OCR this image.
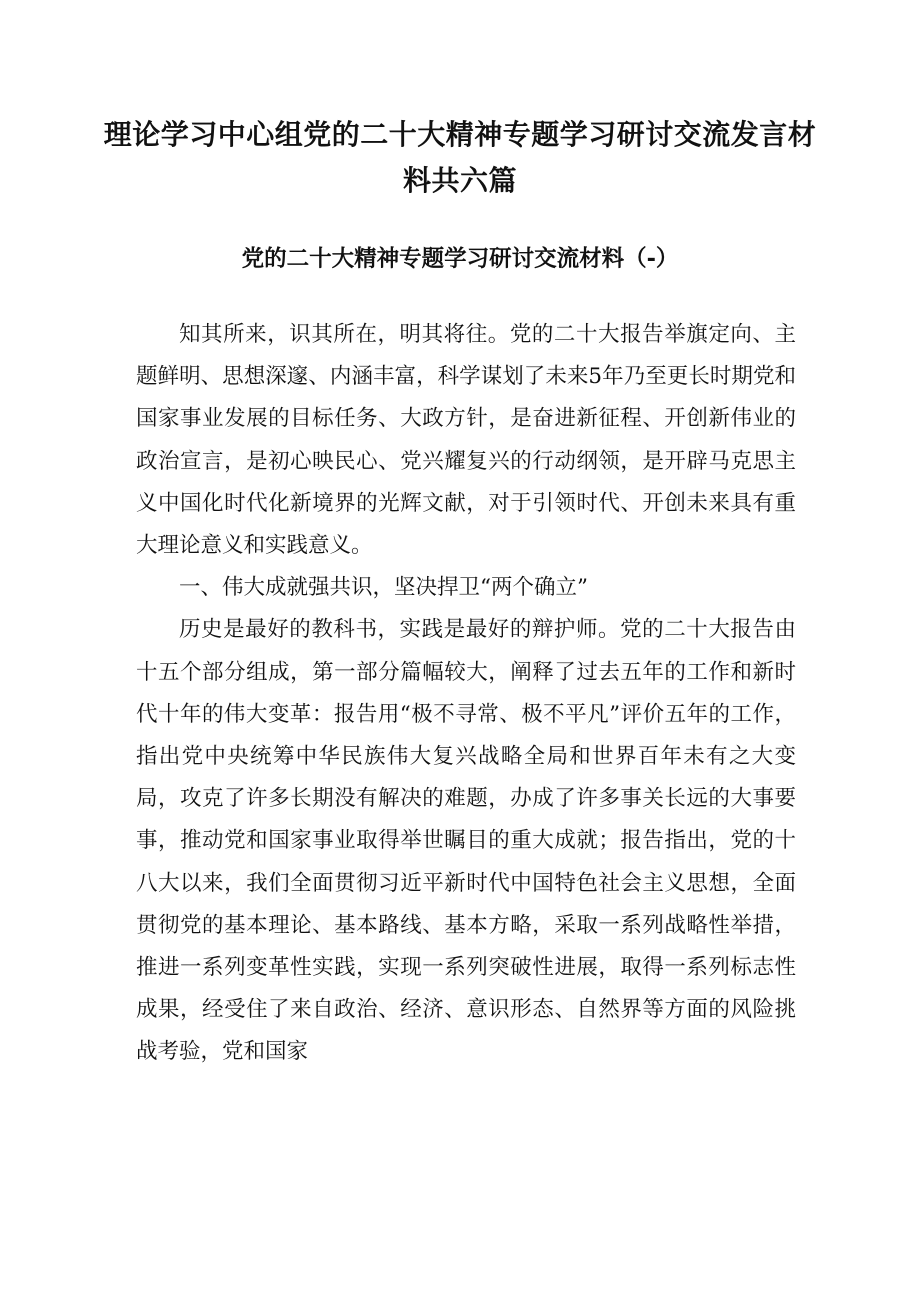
理论学习中心组党的二十大精神专题学习研讨交流发言材料共六篇
党的二十大精神专题学习研讨交流材料（-）

知其所来，识其所在，明其将往。党的二十大报告举旗定向、主题鲜明、思想深邃、内涵丰富，科学谋划了未来5年乃至更长时期党和国家事业发展的目标任务、大政方针，是奋进新征程、开创新伟业的政治宣言，是初心映民心、党兴耀复兴的行动纲领，是开辟马克思主义中国化时代化新境界的光辉文献，对于引领时代、开创未来具有重大理论意义和实践意义。

一、伟大成就强共识，坚决捍卫“两个确立”

历史是最好的教科书，实践是最好的辩护师。党的二十大报告由十五个部分组成，第一部分篇幅较大，阐释了过去五年的工作和新时代十年的伟大变革：报告用“极不寻常、极不平凡”评价五年的工作，指出党中央统筹中华民族伟大复兴战略全局和世界百年未有之大变局，攻克了许多长期没有解决的难题，办成了许多事关长远的大事要事，推动党和国家事业取得举世瞩目的重大成就；报告指出，党的十八大以来，我们全面贯彻习近平新时代中国特色社会主义思想，全面贯彻党的基本理论、基本路线、基本方略，采取一系列战略性举措，推进一系列变革性实践，实现一系列突破性进展，取得一系列标志性成果，经受住了来自政治、经济、意识形态、自然界等方面的风险挑战考验，党和国家
